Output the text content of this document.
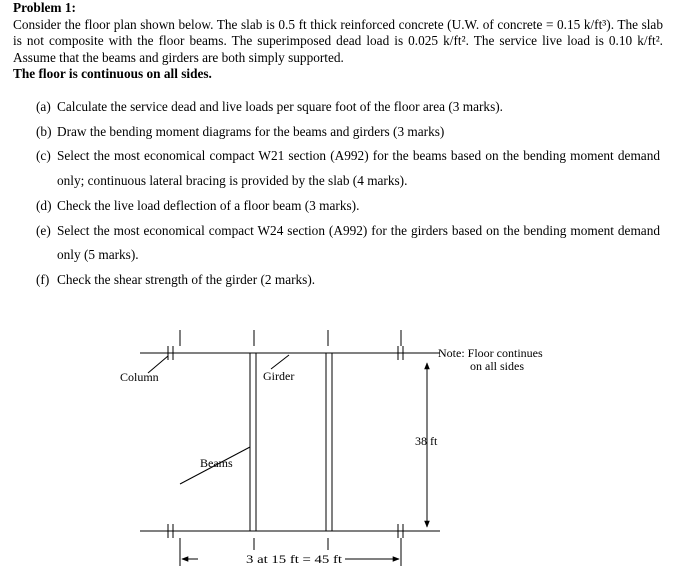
Problem 1:
Consider the floor plan shown below. The slab is 0.5 ft thick reinforced concrete (U.W. of concrete = 0.15 k/ft³). The slab is not composite with the floor beams. The superimposed dead load is 0.025 k/ft². The service live load is 0.10 k/ft². Assume that the beams and girders are both simply supported.
The floor is continuous on all sides.
(a) Calculate the service dead and live loads per square foot of the floor area (3 marks).
(b) Draw the bending moment diagrams for the beams and girders (3 marks)
(c) Select the most economical compact W21 section (A992) for the beams based on the bending moment demand only; continuous lateral bracing is provided by the slab (4 marks).
(d) Check the live load deflection of a floor beam (3 marks).
(e) Select the most economical compact W24 section (A992) for the girders based on the bending moment demand only (5 marks).
(f) Check the shear strength of the girder (2 marks).
Column	Girder
Beams
38 ft
3 at 15 ft = 45 ft
Note: Floor continues
on all sides
